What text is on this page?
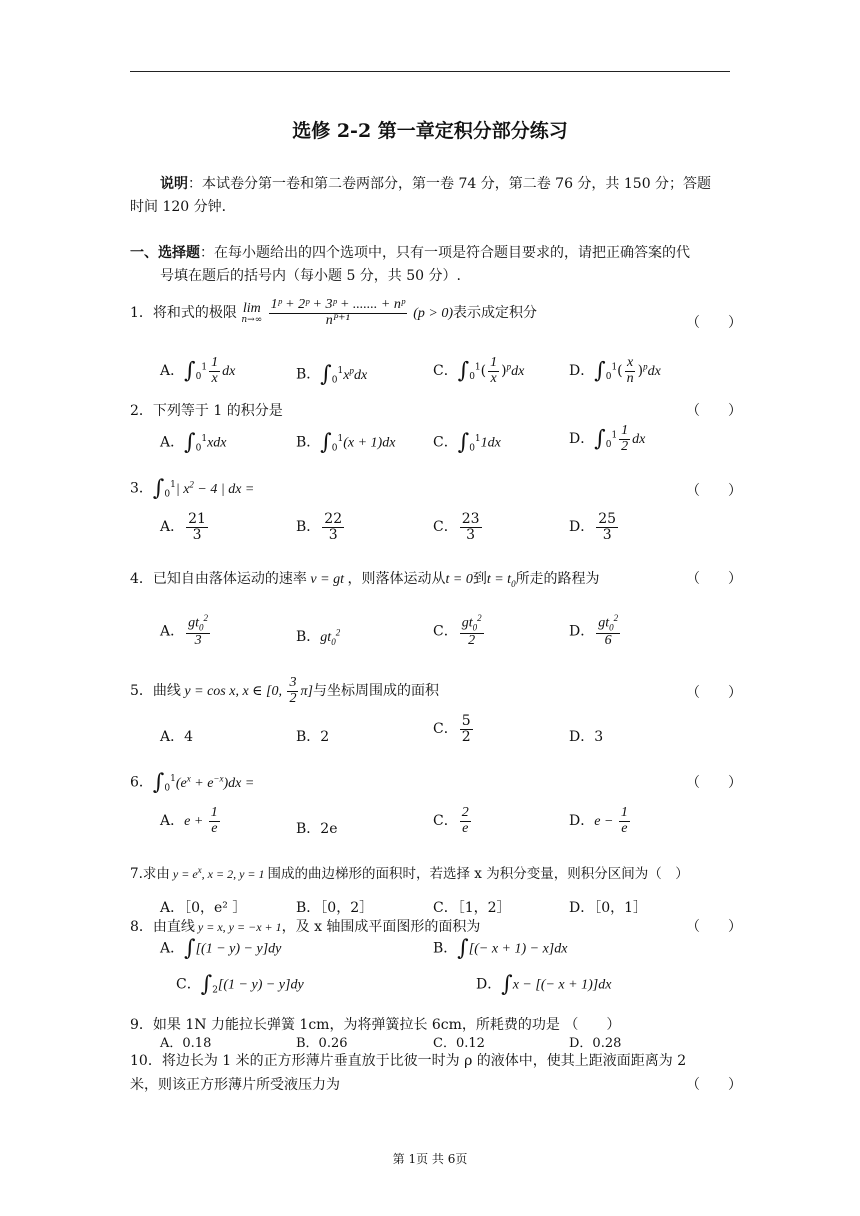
选修 2-2 第一章定积分部分练习
说明：本试卷分第一卷和第二卷两部分，第一卷 74 分，第二卷 76 分，共 150 分；答题
时间 120 分钟．
一、选择题：在每小题给出的四个选项中，只有一项是符合题目要求的，请把正确答案的代
号填在题后的括号内（每小题 5 分，共 50 分）.
1．将和式的极限 lim
n→∞
$\frac{\text{1ᵖ + 2ᵖ + 3ᵖ + ....... + nᵖ}}{\text{nᴾ⁺¹}} (p > 0)$表示成定积分
（　　）
A．$\int_0^1 \frac{1}{x}$ dx	B．$\int_0^1x^pdx$	C．$\int_0^1( \frac{1}{x} )^pdx$	D．$\int_0^1( \frac{x}{n} )^pdx$
2．下列等于 1 的积分是	（　　）
A．$\int_0^1xdx$	B．$\int_0^1(x + 1)dx$	C．$\int_0^11dx$	D．$\int_0^1 \frac{1}{2}$ dx
3．$\int_0^1|$ $x^2 - 4$ | dx =	（　　）
A． $\frac{21}{3}$	B． $\frac{22}{3}$	C． $\frac{23}{3}$	D． $\frac{25}{3}$
4．已知自由落体运动的速率 v = gt ，则落体运动从t = 0到$t = t_0$所走的路程为	（　　）
A． $\frac{gt_0^2}{3}$	B．$gt_0^2$	C． $\frac{gt_0^2}{2}$	D． $\frac{gt_0^2}{6}$
5．曲线 y = cos x, x ∈ [0, $\frac{3}{2} \pi$]与坐标周围成的面积	（　　）
A．4	B．2	C． $\frac{5}{2}$	D．3
6．$\int_0^1(e^x + e^{-x})dx$ =	（　　）
A．$e + \frac{1}{e}$	B．2e	C． $\frac{2}{e}$	D．$e - \frac{1}{e}$
7.求由 $y = e^x$, x = 2, y = 1 围成的曲边梯形的面积时，若选择 x 为积分变量，则积分区间为（　）
A．［0，e² ］	B．［0，2］	C．［1，2］	D．［0，1］
8．由直线 y = x, y = −x + 1，及 x 轴围成平面图形的面积为	（　　）
A．∫[(1 − y) − y]dy	B．∫[(− x + 1) − x]dx
C．$\int_2[(1 - y) - y]dy$	D．∫x − [(− x + 1)]dx
9．如果 1N 力能拉长弹簧 1cm，为将弹簧拉长 6cm，所耗费的功是 （　　）
A．0.18	B．0.26	C．0.12	D．0.28
10．将边长为 1 米的正方形薄片垂直放于比彼一时为 ρ 的液体中，使其上距液面距离为 2
米，则该正方形薄片所受液压力为	（　　）
第 1页 共 6页
